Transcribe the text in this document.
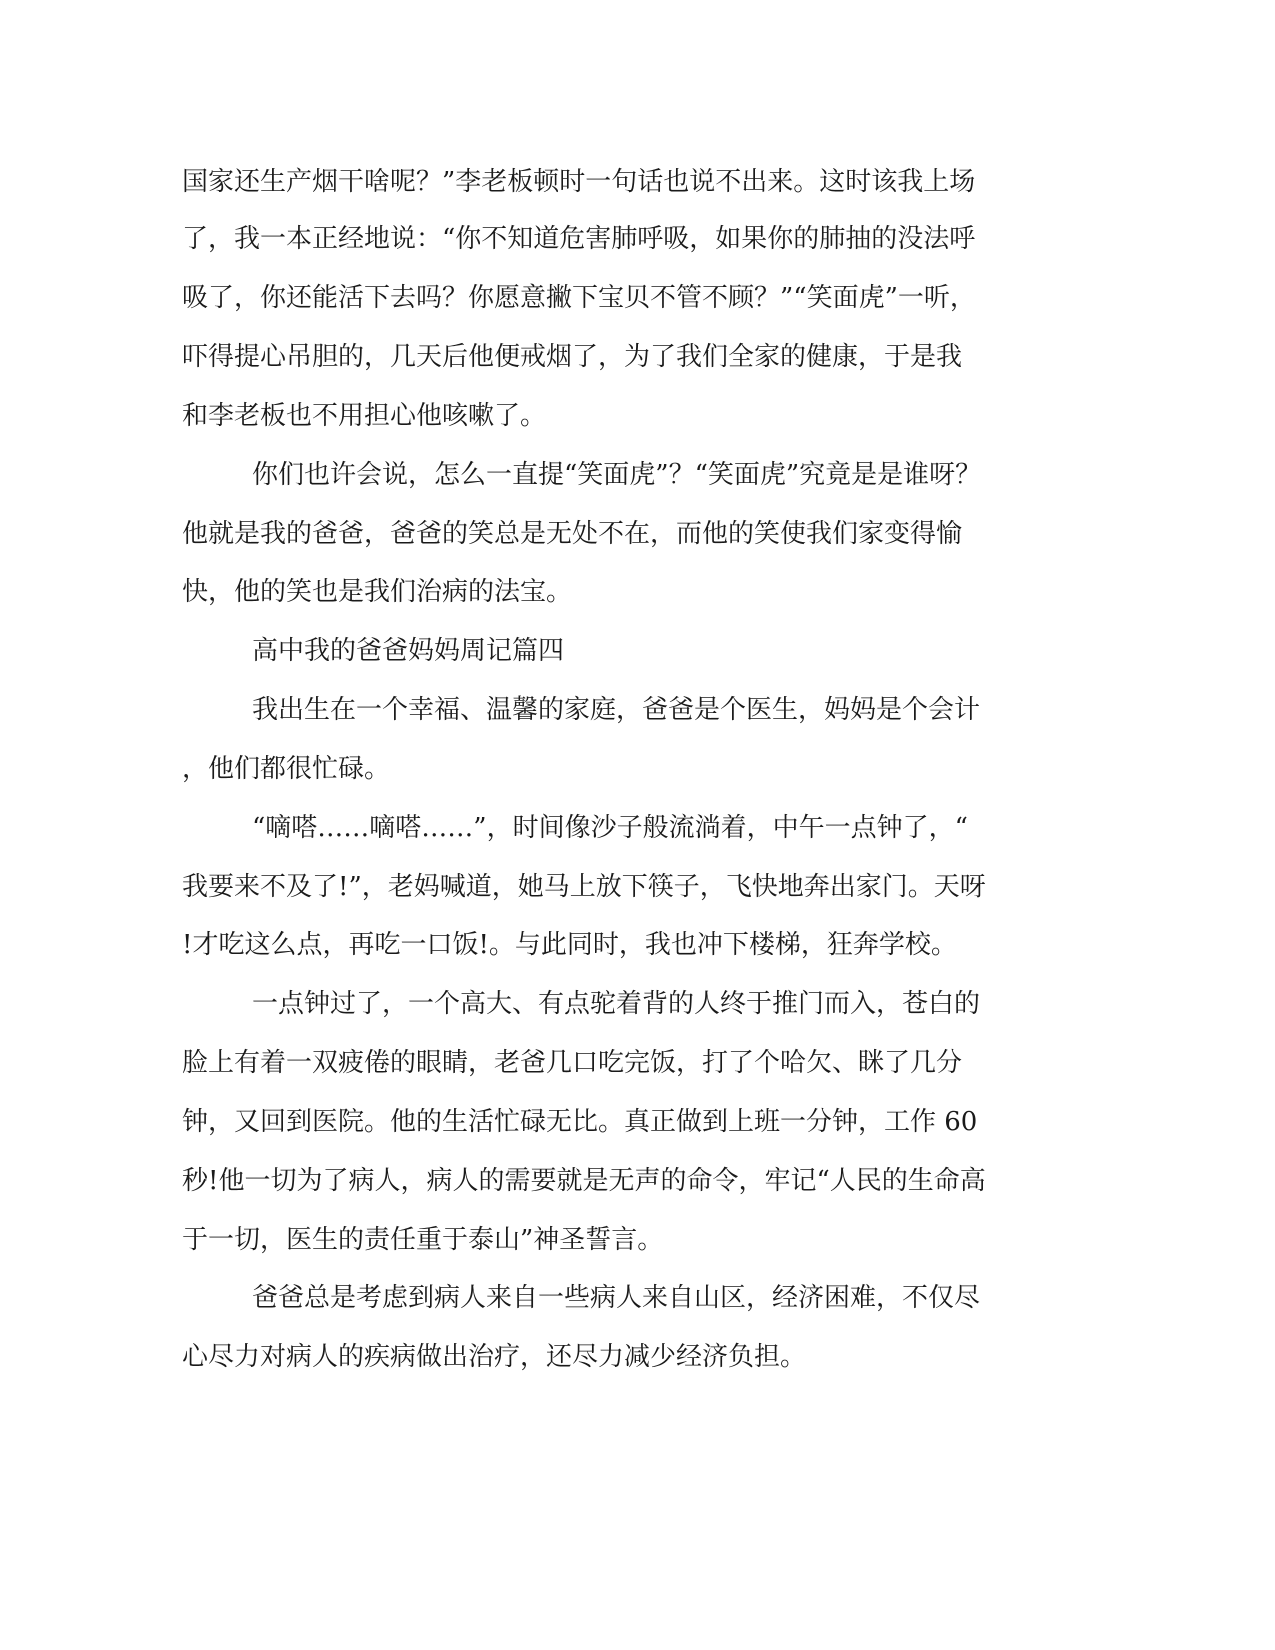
国家还生产烟干啥呢？”李老板顿时一句话也说不出来。这时该我上场
了，我一本正经地说：“你不知道危害肺呼吸，如果你的肺抽的没法呼
吸了，你还能活下去吗？你愿意撇下宝贝不管不顾？”“笑面虎”一听，
吓得提心吊胆的，几天后他便戒烟了，为了我们全家的健康，于是我
和李老板也不用担心他咳嗽了。
你们也许会说，怎么一直提“笑面虎”？“笑面虎”究竟是是谁呀？
他就是我的爸爸，爸爸的笑总是无处不在，而他的笑使我们家变得愉
快，他的笑也是我们治病的法宝。
高中我的爸爸妈妈周记篇四
我出生在一个幸福、温馨的家庭，爸爸是个医生，妈妈是个会计
，他们都很忙碌。
“嘀嗒……嘀嗒……”，时间像沙子般流淌着，中午一点钟了，“
我要来不及了!”，老妈喊道，她马上放下筷子，飞快地奔出家门。天呀
!才吃这么点，再吃一口饭!。与此同时，我也冲下楼梯，狂奔学校。
一点钟过了，一个高大、有点驼着背的人终于推门而入，苍白的
脸上有着一双疲倦的眼睛，老爸几口吃完饭，打了个哈欠、眯了几分
钟，又回到医院。他的生活忙碌无比。真正做到上班一分钟，工作 60
秒!他一切为了病人，病人的需要就是无声的命令，牢记“人民的生命高
于一切，医生的责任重于泰山”神圣誓言。
爸爸总是考虑到病人来自一些病人来自山区，经济困难，不仅尽
心尽力对病人的疾病做出治疗，还尽力减少经济负担。
